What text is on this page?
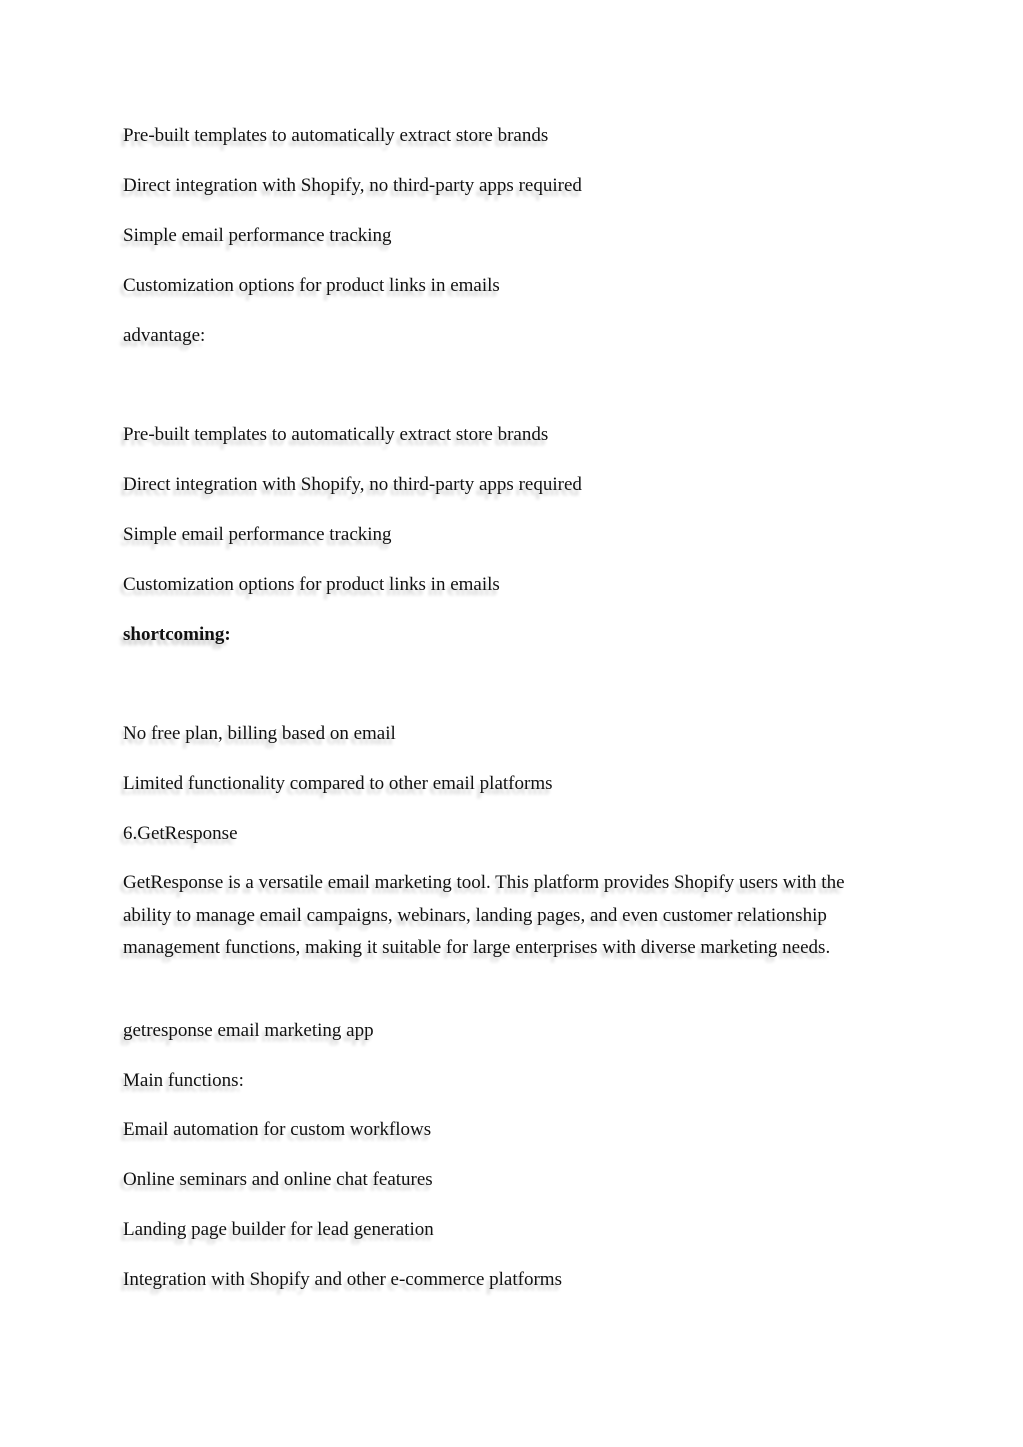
Pre-built templates to automatically extract store brands
Direct integration with Shopify, no third-party apps required
Simple email performance tracking
Customization options for product links in emails
advantage:
Pre-built templates to automatically extract store brands
Direct integration with Shopify, no third-party apps required
Simple email performance tracking
Customization options for product links in emails
shortcoming:
No free plan, billing based on email
Limited functionality compared to other email platforms
6.GetResponse
GetResponse is a versatile email marketing tool. This platform provides Shopify users with the ability to manage email campaigns, webinars, landing pages, and even customer relationship management functions, making it suitable for large enterprises with diverse marketing needs.
getresponse email marketing app
Main functions:
Email automation for custom workflows
Online seminars and online chat features
Landing page builder for lead generation
Integration with Shopify and other e-commerce platforms
